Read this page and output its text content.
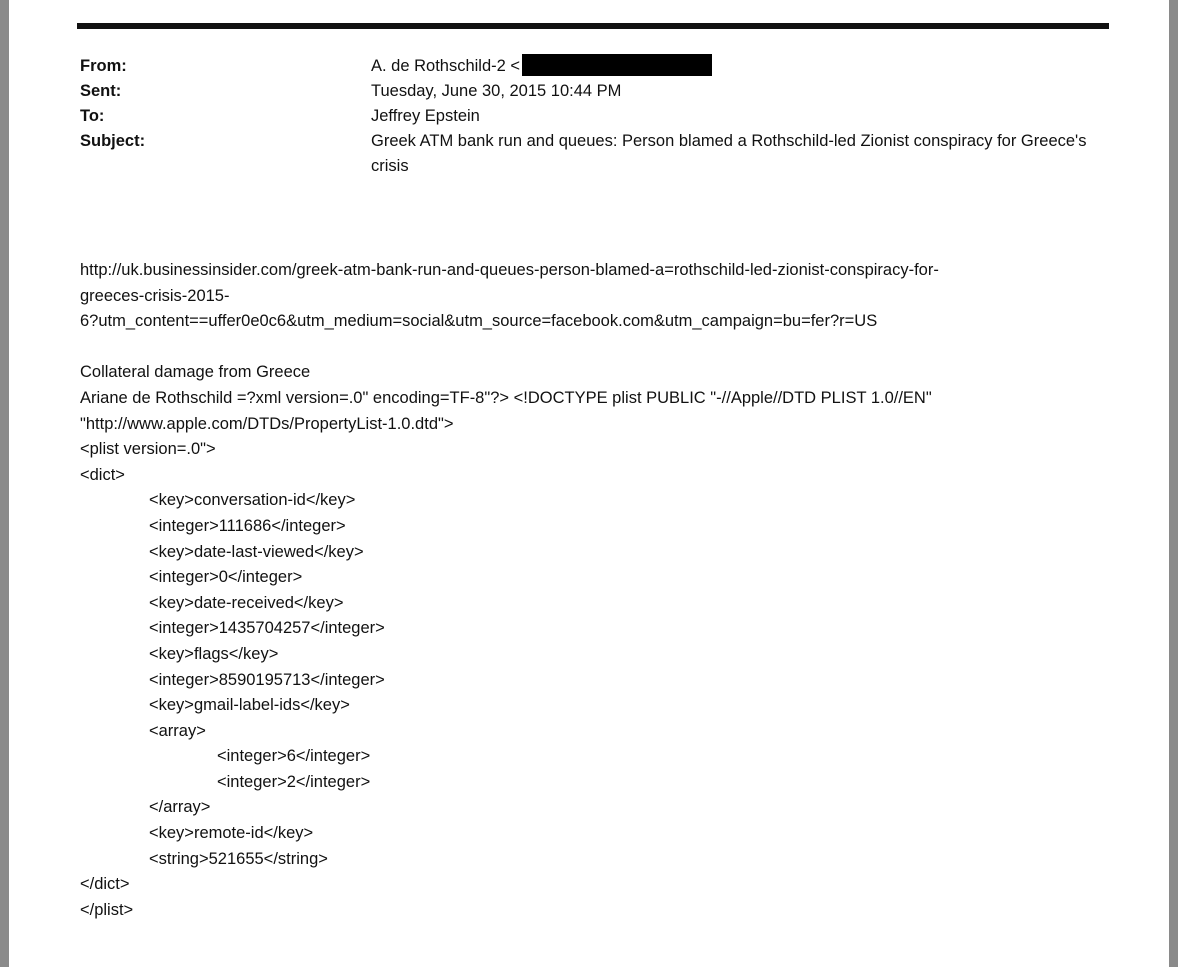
From:	A. de Rothschild-2 <
Sent:	Tuesday, June 30, 2015 10:44 PM
To:	Jeffrey Epstein
Subject:	Greek ATM bank run and queues: Person blamed a Rothschild-led Zionist conspiracy for Greece's crisis
http://uk.businessinsider.com/greek-atm-bank-run-and-queues-person-blamed-a=rothschild-led-zionist-conspiracy-for-
greeces-crisis-2015-
6?utm_content==uffer0e0c6&utm_medium=social&utm_source=facebook.com&utm_campaign=bu=fer?r=US
Collateral damage from Greece
Ariane de Rothschild =?xml version=.0" encoding=TF-8"?> <!DOCTYPE plist PUBLIC "-//Apple//DTD PLIST 1.0//EN"
"http://www.apple.com/DTDs/PropertyList-1.0.dtd">
<plist version=.0">
<dict>
<key>conversation-id</key>
<integer>111686</integer>
<key>date-last-viewed</key>
<integer>0</integer>
<key>date-received</key>
<integer>1435704257</integer>
<key>flags</key>
<integer>8590195713</integer>
<key>gmail-label-ids</key>
<array>
<integer>6</integer>
<integer>2</integer>
</array>
<key>remote-id</key>
<string>521655</string>
</dict>
</plist>
